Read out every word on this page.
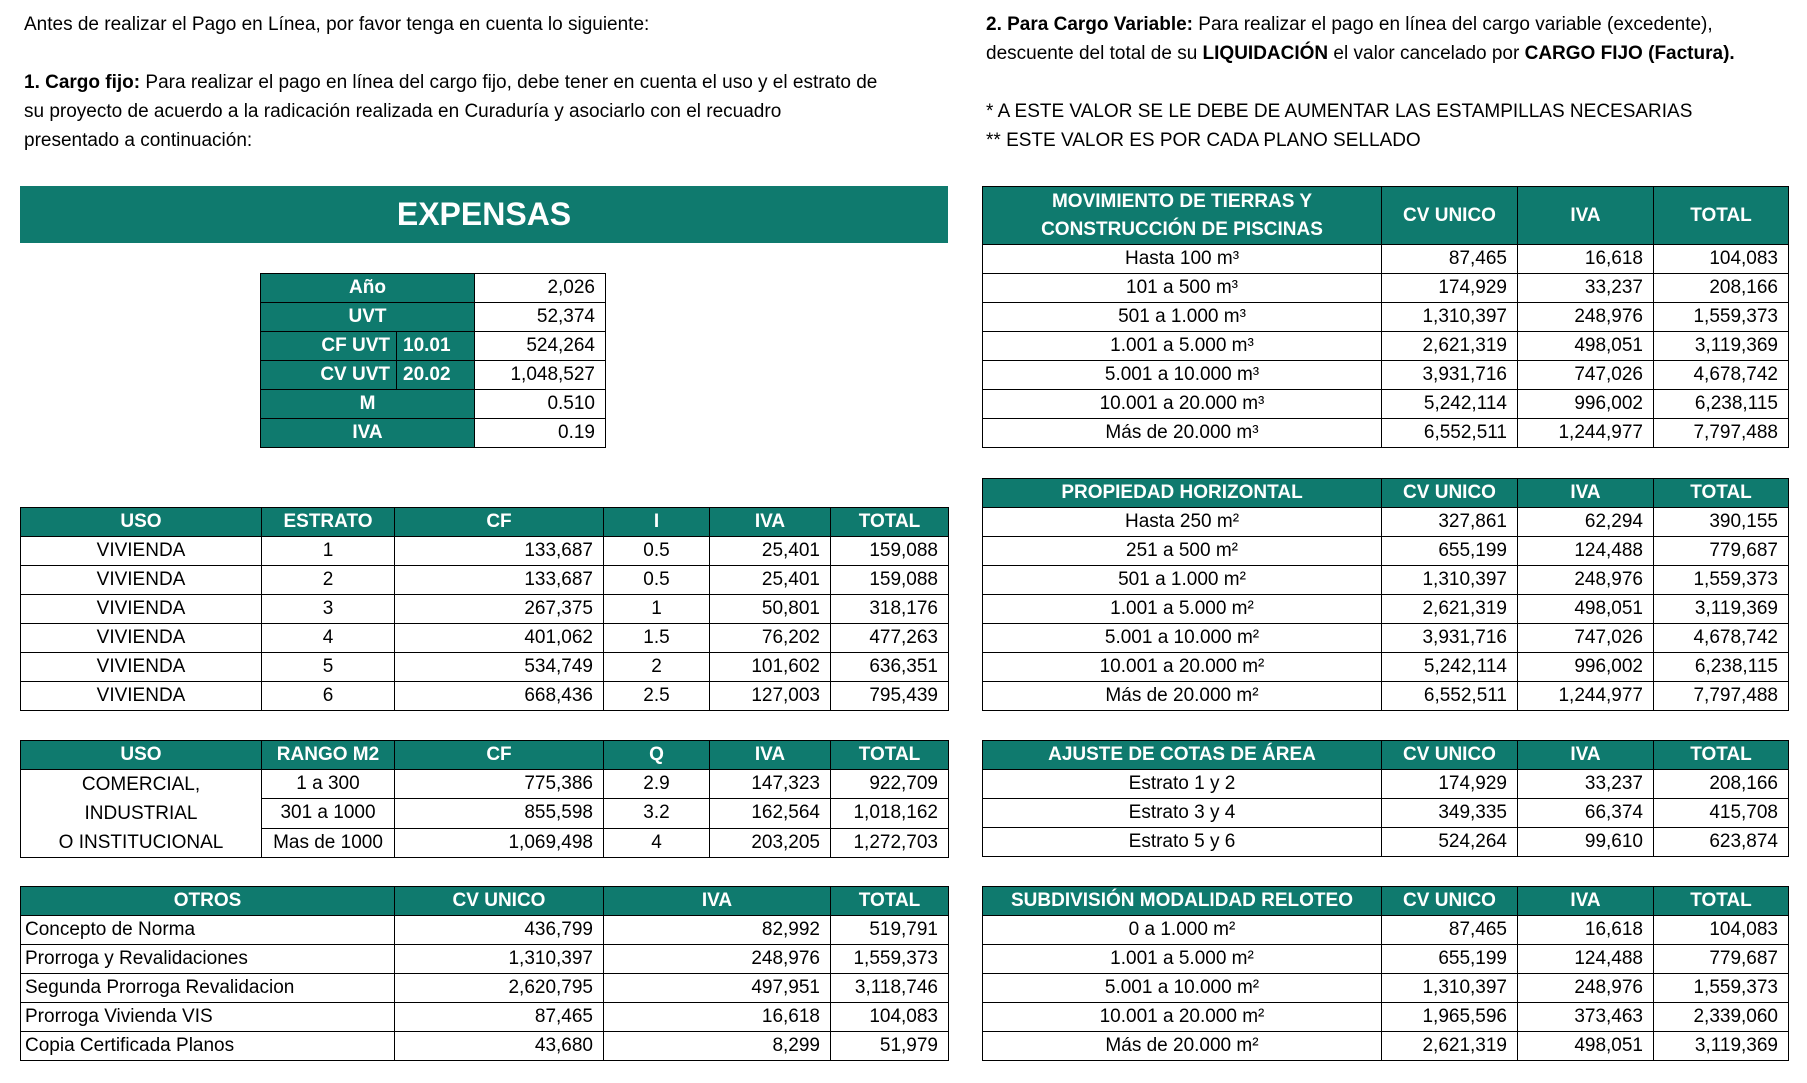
Antes de realizar el Pago en Línea, por favor tenga en cuenta lo siguiente:

1. Cargo fijo: Para realizar el pago en línea del cargo fijo, debe tener en cuenta el uso y el estrato de

su proyecto de acuerdo a la radicación realizada en Curaduría y asociarlo con el recuadro

presentado a continuación:

2. Para Cargo Variable: Para realizar el pago en línea del cargo variable (excedente),

descuente del total de su LIQUIDACIÓN el valor cancelado por CARGO FIJO (Factura).

* A ESTE VALOR SE LE DEBE DE AUMENTAR LAS ESTAMPILLAS NECESARIAS

** ESTE VALOR ES POR CADA PLANO SELLADO

EXPENSAS
Año		2,026
UVT		52,374
CF UVT	10.01	524,264
CV UVT	20.02	1,048,527
M		0.510
IVA		0.19
USO	ESTRATO	CF	I	IVA	TOTAL
VIVIENDA	1	133,687	0.5	25,401	159,088
VIVIENDA	2	133,687	0.5	25,401	159,088
VIVIENDA	3	267,375	1	50,801	318,176
VIVIENDA	4	401,062	1.5	76,202	477,263
VIVIENDA	5	534,749	2	101,602	636,351
VIVIENDA	6	668,436	2.5	127,003	795,439
USO	RANGO M2	CF	Q	IVA	TOTAL
COMERCIAL, INDUSTRIAL
O INSTITUCIONAL	1 a 300	775,386	2.9	147,323	922,709
	301 a 1000	855,598	3.2	162,564	1,018,162
	Mas de 1000	1,069,498	4	203,205	1,272,703
OTROS	CV UNICO	IVA	TOTAL
Concepto de Norma	436,799	82,992	519,791
Prorroga y Revalidaciones	1,310,397	248,976	1,559,373
Segunda Prorroga Revalidacion	2,620,795	497,951	3,118,746
Prorroga Vivienda VIS	87,465	16,618	104,083
Copia Certificada Planos	43,680	8,299	51,979
MOVIMIENTO DE TIERRAS Y
CONSTRUCCIÓN DE PISCINAS	CV UNICO	IVA	TOTAL
Hasta 100 m³	87,465	16,618	104,083
101 a 500 m³	174,929	33,237	208,166
501 a 1.000 m³	1,310,397	248,976	1,559,373
1.001 a 5.000 m³	2,621,319	498,051	3,119,369
5.001 a 10.000 m³	3,931,716	747,026	4,678,742
10.001 a 20.000 m³	5,242,114	996,002	6,238,115
Más de 20.000 m³	6,552,511	1,244,977	7,797,488
PROPIEDAD HORIZONTAL	CV UNICO	IVA	TOTAL
Hasta 250 m²	327,861	62,294	390,155
251 a 500 m²	655,199	124,488	779,687
501 a 1.000 m²	1,310,397	248,976	1,559,373
1.001 a 5.000 m²	2,621,319	498,051	3,119,369
5.001 a 10.000 m²	3,931,716	747,026	4,678,742
10.001 a 20.000 m²	5,242,114	996,002	6,238,115
Más de 20.000 m²	6,552,511	1,244,977	7,797,488
AJUSTE DE COTAS DE ÁREA	CV UNICO	IVA	TOTAL
Estrato 1 y 2	174,929	33,237	208,166
Estrato 3 y 4	349,335	66,374	415,708
Estrato 5 y 6	524,264	99,610	623,874
SUBDIVISIÓN MODALIDAD RELOTEO	CV UNICO	IVA	TOTAL
0 a 1.000 m²	87,465	16,618	104,083
1.001 a 5.000 m²	655,199	124,488	779,687
5.001 a 10.000 m²	1,310,397	248,976	1,559,373
10.001 a 20.000 m²	1,965,596	373,463	2,339,060
Más de 20.000 m²	2,621,319	498,051	3,119,369
